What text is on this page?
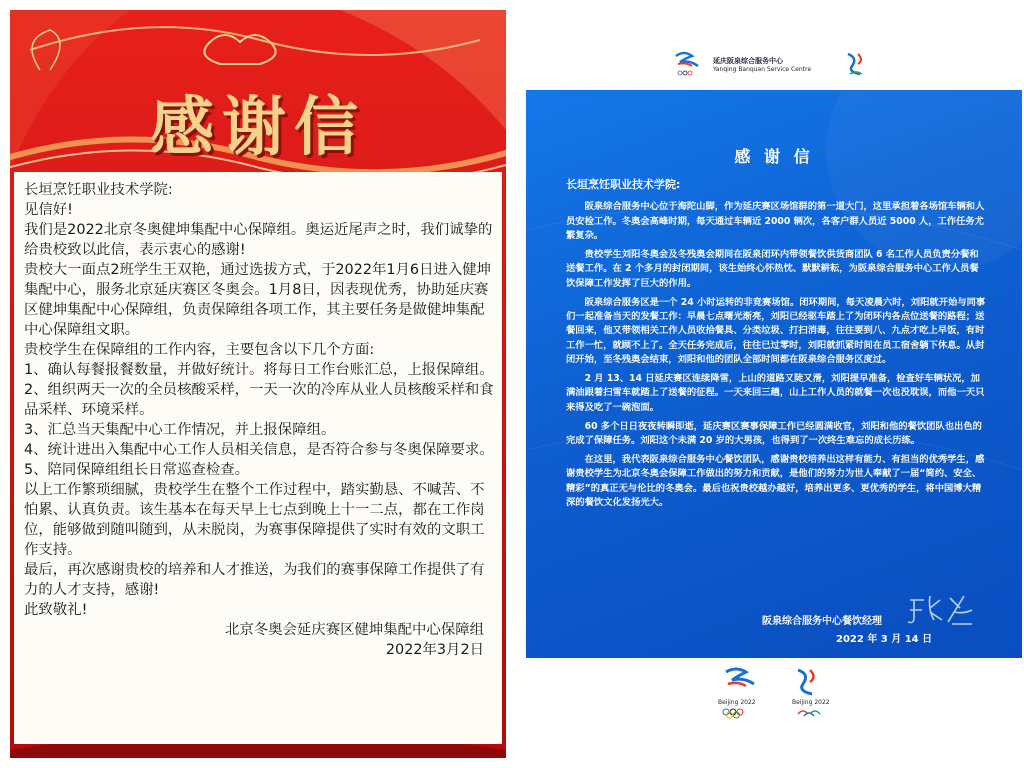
感谢信

长垣烹饪职业技术学院:

见信好!

我们是2022北京冬奥健坤集配中心保障组。奥运近尾声之时，我们诚挚的给贵校致以此信，表示衷心的感谢!

贵校大一面点2班学生王双艳，通过选拔方式，于2022年1月6日进入健坤集配中心，服务北京延庆赛区冬奥会。1月8日，因表现优秀，协助延庆赛区健坤集配中心保障组，负责保障组各项工作，其主要任务是做健坤集配中心保障组文职。

贵校学生在保障组的工作内容，主要包含以下几个方面:

1、确认每餐报餐数量，并做好统计。将每日工作台账汇总，上报保障组。

2、组织两天一次的全员核酸采样，一天一次的冷库从业人员核酸采样和食品采样、环境采样。

3、汇总当天集配中心工作情况，并上报保障组。

4、统计进出入集配中心工作人员相关信息，是否符合参与冬奥保障要求。

5、陪同保障组组长日常巡查检查。

以上工作繁琐细腻，贵校学生在整个工作过程中，踏实勤恳、不喊苦、不怕累、认真负责。该生基本在每天早上七点到晚上十一二点，都在工作岗位，能够做到随叫随到，从未脱岗，为赛事保障提供了实时有效的文职工作支持。

最后，再次感谢贵校的培养和人才推送，为我们的赛事保障工作提供了有力的人才支持，感谢!

此致敬礼!

北京冬奥会延庆赛区健坤集配中心保障组

2022年3月2日

延庆阪泉综合服务中心

Yanqing Banquan Service Centre

感 谢 信

长垣烹饪职业技术学院:

阪泉综合服务中心位于海陀山脚，作为延庆赛区场馆群的第一道大门，这里承担着各场馆车辆和人员安检工作。冬奥会高峰时期，每天通过车辆近 2000 辆次，各客户群人员近 5000 人，工作任务尤繁复杂。

贵校学生刘阳冬奥会及冬残奥会期间在阪泉闭环内带领餐饮供货商团队 6 名工作人员负责分餐和送餐工作。在 2 个多月的封闭期间，该生始终心怀热忱、默默耕耘，为阪泉综合服务中心工作人员餐饮保障工作发挥了巨大的作用。

阪泉综合服务区是一个 24 小时运转的非竞赛场馆。闭环期间，每天凌晨六时，刘阳就开始与同事们一起准备当天的发餐工作：早晨七点曙光渐亮，刘阳已经驱车踏上了为闭环内各点位送餐的路程；送餐回来，他又带领相关工作人员收拾餐具、分类垃圾、打扫消毒，往往要到八、九点才吃上早饭，有时工作一忙，就顾不上了。全天任务完成后，往往已过零时，刘阳就抓紧时间在员工宿舍躺下休息。从封闭开始，至冬残奥会结束，刘阳和他的团队全部时间都在阪泉综合服务区度过。

2 月 13、14 日延庆赛区连续降雪，上山的道路又陡又滑，刘阳提早准备，检查好车辆状况，加满油跟着扫雪车就踏上了送餐的征程。一天来回三趟，山上工作人员的就餐一次也没耽误，而他一天只来得及吃了一碗泡面。

60 多个日日夜夜转瞬即逝，延庆赛区赛事保障工作已经圆满收官，刘阳和他的餐饮团队也出色的完成了保障任务。刘阳这个未满 20 岁的大男孩，也得到了一次终生难忘的成长历练。

在这里，我代表阪泉综合服务中心餐饮团队，感谢贵校培养出这样有能力、有担当的优秀学生，感谢贵校学生为北京冬奥会保障工作做出的努力和贡献，是他们的努力为世人奉献了一届“简约、安全、精彩”的真正无与伦比的冬奥会。最后也祝贵校越办越好，培养出更多、更优秀的学生，将中国博大精深的餐饮文化发扬光大。

阪泉综合服务中心餐饮经理

2022 年 3 月 14 日

Beijing 2022	Beijing 2022
